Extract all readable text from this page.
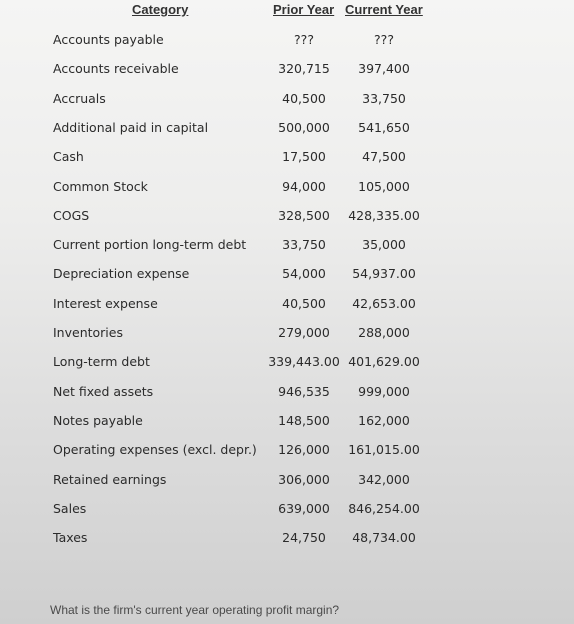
Category	Prior Year Current Year
Accounts payable	???	???
Accounts receivable	320,715	397,400
Accruals	40,500	33,750
Additional paid in capital	500,000	541,650
Cash	17,500	47,500
Common Stock	94,000	105,000
COGS	328,500	428,335.00
Current portion long-term debt	33,750	35,000
Depreciation expense	54,000	54,937.00
Interest expense	40,500	42,653.00
Inventories	279,000	288,000
Long-term debt	339,443.00 401,629.00
Net fixed assets	946,535	999,000
Notes payable	148,500	162,000
Operating expenses (excl. depr.)	126,000	161,015.00
Retained earnings	306,000	342,000
Sales	639,000	846,254.00
Taxes	24,750	48,734.00
What is the firm's current year operating profit margin?
